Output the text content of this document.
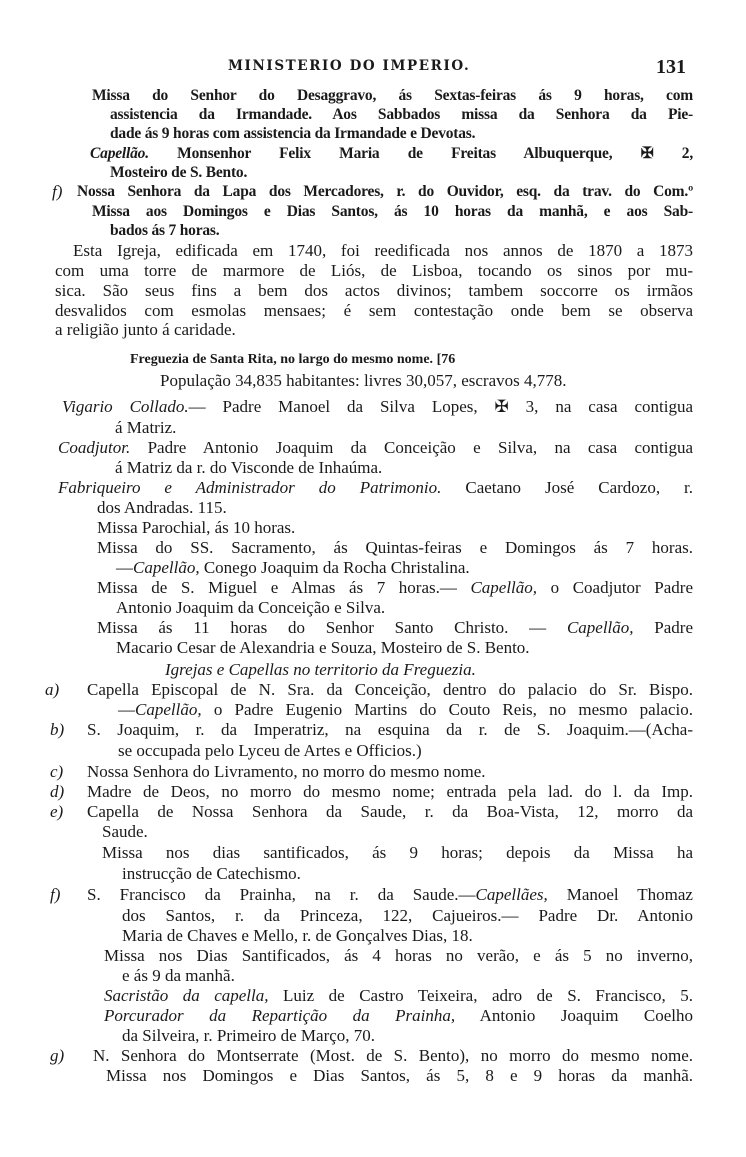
MINISTERIO DO IMPERIO.	131
Missa do Senhor do Desaggravo, ás Sextas-feiras ás 9 horas, com
assistencia da Irmandade. Aos Sabbados missa da Senhora da Pie-
dade ás 9 horas com assistencia da Irmandade e Devotas.
Capellão. Monsenhor Felix Maria de Freitas Albuquerque, ✠ 2,
Mosteiro de S. Bento.
Nossa Senhora da Lapa dos Mercadores, r. do Ouvidor, esq. da trav. do Com.º
f)
Missa aos Domingos e Dias Santos, ás 10 horas da manhã, e aos Sab-
bados ás 7 horas.
Esta Igreja, edificada em 1740, foi reedificada nos annos de 1870 a 1873
com uma torre de marmore de Liós, de Lisboa, tocando os sinos por mu-
sica. São seus fins a bem dos actos divinos; tambem soccorre os irmãos
desvalidos com esmolas mensaes; é sem contestação onde bem se observa
a religião junto á caridade.
Freguezia de Santa Rita, no largo do mesmo nome. [76
População 34,835 habitantes: livres 30,057, escravos 4,778.
Vigario Collado.— Padre Manoel da Silva Lopes, ✠ 3, na casa contigua
á Matriz.
Coadjutor. Padre Antonio Joaquim da Conceição e Silva, na casa contigua
á Matriz da r. do Visconde de Inhaúma.
Fabriqueiro e Administrador do Patrimonio. Caetano José Cardozo, r.
dos Andradas. 115.
Missa Parochial, ás 10 horas.
Missa do SS. Sacramento, ás Quintas-feiras e Domingos ás 7 horas.
—Capellão, Conego Joaquim da Rocha Christalina.
Missa de S. Miguel e Almas ás 7 horas.— Capellão, o Coadjutor Padre
Antonio Joaquim da Conceição e Silva.
Missa ás 11 horas do Senhor Santo Christo. — Capellão, Padre
Macario Cesar de Alexandria e Souza, Mosteiro de S. Bento.
Igrejas e Capellas no territorio da Freguezia.
Capella Episcopal de N. Sra. da Conceição, dentro do palacio do Sr. Bispo.
a)
—Capellão, o Padre Eugenio Martins do Couto Reis, no mesmo palacio.
S. Joaquim, r. da Imperatriz, na esquina da r. de S. Joaquim.—(Acha-
b)
se occupada pelo Lyceu de Artes e Officios.)
Nossa Senhora do Livramento, no morro do mesmo nome.
c)
Madre de Deos, no morro do mesmo nome; entrada pela lad. do l. da Imp.
d)
Capella de Nossa Senhora da Saude, r. da Boa-Vista, 12, morro da
e)
Saude.
Missa nos dias santificados, ás 9 horas; depois da Missa ha
instrucção de Catechismo.
S. Francisco da Prainha, na r. da Saude.—Capellães, Manoel Thomaz
f)
dos Santos, r. da Princeza, 122, Cajueiros.— Padre Dr. Antonio
Maria de Chaves e Mello, r. de Gonçalves Dias, 18.
Missa nos Dias Santificados, ás 4 horas no verão, e ás 5 no inverno,
e ás 9 da manhã.
Sacristão da capella, Luiz de Castro Teixeira, adro de S. Francisco, 5.
Porcurador da Repartição da Prainha, Antonio Joaquim Coelho
da Silveira, r. Primeiro de Março, 70.
N. Senhora do Montserrate (Most. de S. Bento), no morro do mesmo nome.
g)
Missa nos Domingos e Dias Santos, ás 5, 8 e 9 horas da manhã.
